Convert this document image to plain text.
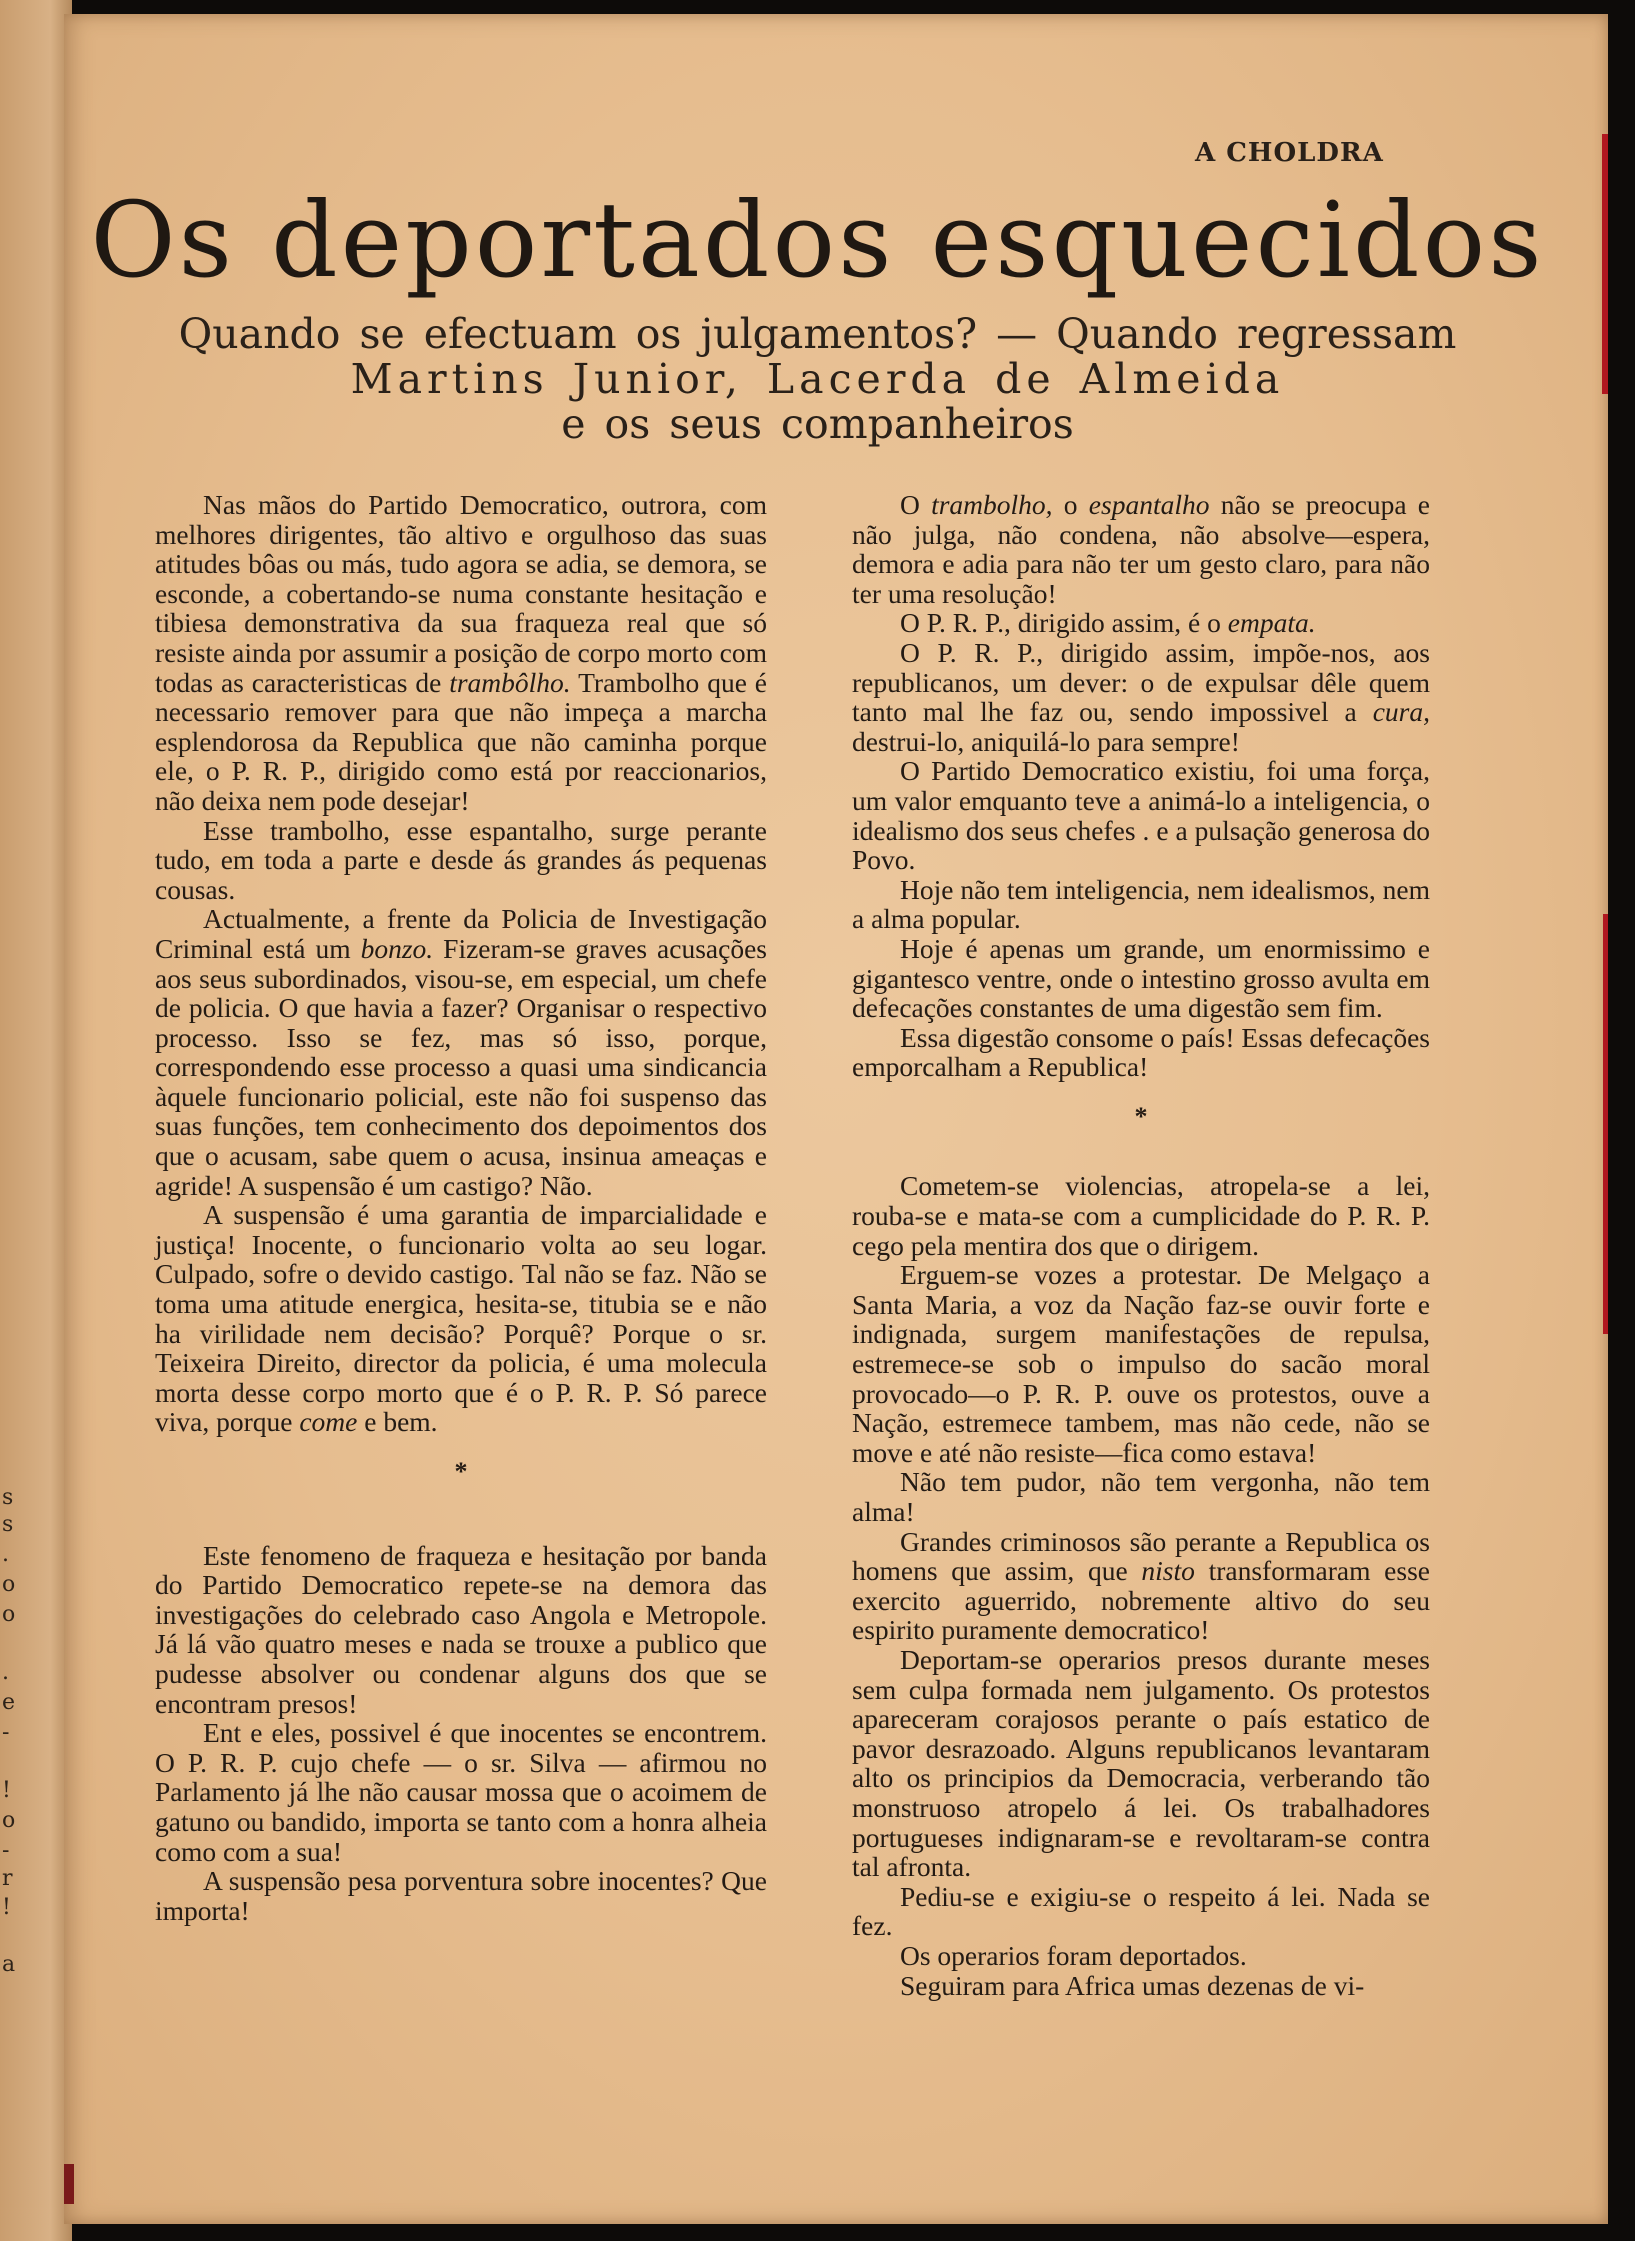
s
s
.
o
o
.
e
-
!
o
-
r
!
a
A CHOLDRA
Os deportados esquecidos
Quando se efectuam os julgamentos? — Quando regressam
Martins Junior, Lacerda de Almeida
e os seus companheiros

Nas mãos do Partido Democratico, outrora, com melhores dirigentes, tão altivo e orgulhoso das suas atitudes bôas ou más, tudo agora se adia, se demora, se esconde, a cobertando-se numa constante hesitação e tibiesa demonstrativa da sua fraqueza real que só resiste ainda por assumir a posição de corpo morto com todas as caracteristicas de trambôlho. Trambolho que é necessario remover para que não impeça a marcha esplendorosa da Republica que não caminha porque ele, o P. R. P., dirigido como está por reaccionarios, não deixa nem pode desejar!

Esse trambolho, esse espantalho, surge perante tudo, em toda a parte e desde ás grandes ás pequenas cousas.

Actualmente, a frente da Policia de Investigação Criminal está um bonzo. Fizeram-se graves acusações aos seus subordinados, visou-se, em especial, um chefe de policia. O que havia a fazer? Organisar o respectivo processo. Isso se fez, mas só isso, porque, correspondendo esse processo a quasi uma sindicancia àquele funcionario policial, este não foi suspenso das suas funções, tem conhecimento dos depoimentos dos que o acusam, sabe quem o acusa, insinua ameaças e agride! A suspensão é um castigo? Não.

A suspensão é uma garantia de imparcialidade e justiça! Inocente, o funcionario volta ao seu logar. Culpado, sofre o devido castigo. Tal não se faz. Não se toma uma atitude energica, hesita-se, titubia se e não ha virilidade nem decisão? Porquê? Porque o sr. Teixeira Direito, director da policia, é uma molecula morta desse corpo morto que é o P. R. P. Só parece viva, porque come e bem.

*

Este fenomeno de fraqueza e hesitação por banda do Partido Democratico repete-se na demora das investigações do celebrado caso Angola e Metropole. Já lá vão quatro meses e nada se trouxe a publico que pudesse absolver ou condenar alguns dos que se encontram presos!

Ent e eles, possivel é que inocentes se encontrem. O P. R. P. cujo chefe — o sr. Silva — afirmou no Parlamento já lhe não causar mossa que o acoimem de gatuno ou bandido, importa se tanto com a honra alheia como com a sua!

A suspensão pesa porventura sobre inocentes? Que importa!

O trambolho, o espantalho não se preocupa e não julga, não condena, não absolve—espera, demora e adia para não ter um gesto claro, para não ter uma resolução!

O P. R. P., dirigido assim, é o empata.

O P. R. P., dirigido assim, impõe-nos, aos republicanos, um dever: o de expulsar dêle quem tanto mal lhe faz ou, sendo impossivel a cura, destrui-lo, aniquilá-lo para sempre!

O Partido Democratico existiu, foi uma força, um valor emquanto teve a animá-lo a inteligencia, o idealismo dos seus chefes . e a pulsação generosa do Povo.

Hoje não tem inteligencia, nem idealismos, nem a alma popular.

Hoje é apenas um grande, um enormissimo e gigantesco ventre, onde o intestino grosso avulta em defecações constantes de uma digestão sem fim.

Essa digestão consome o país! Essas defecações emporcalham a Republica!

*

Cometem-se violencias, atropela-se a lei, rouba-se e mata-se com a cumplicidade do P. R. P. cego pela mentira dos que o dirigem.

Erguem-se vozes a protestar. De Melgaço a Santa Maria, a voz da Nação faz-se ouvir forte e indignada, surgem manifestações de repulsa, estremece-se sob o impulso do sacão moral provocado—o P. R. P. ouve os protestos, ouve a Nação, estremece tambem, mas não cede, não se move e até não resiste—fica como estava!

Não tem pudor, não tem vergonha, não tem alma!

Grandes criminosos são perante a Republica os homens que assim, que nisto transformaram esse exercito aguerrido, nobremente altivo do seu espirito puramente democratico!

Deportam-se operarios presos durante meses sem culpa formada nem julgamento. Os protestos apareceram corajosos perante o país estatico de pavor desrazoado. Alguns republicanos levantaram alto os principios da Democracia, verberando tão monstruoso atropelo á lei. Os trabalhadores portugueses indignaram-se e revoltaram-se contra tal afronta.

Pediu-se e exigiu-se o respeito á lei. Nada se fez.

Os operarios foram deportados.

Seguiram para Africa umas dezenas de vi-
